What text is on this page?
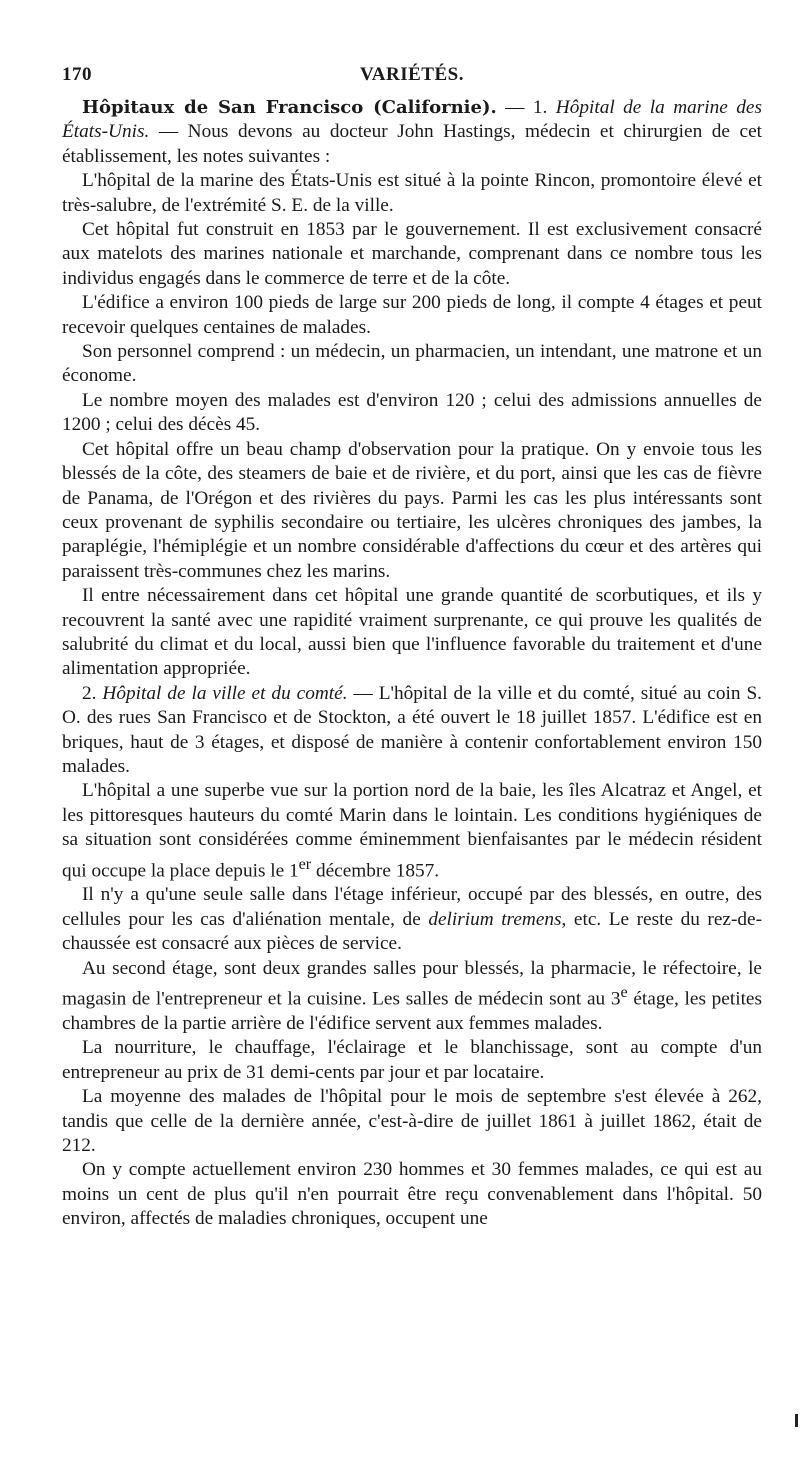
170	VARIÉTÉS.

Hôpitaux de San Francisco (Californie). — 1. Hôpital de la marine des États-Unis. — Nous devons au docteur John Hastings, médecin et chirurgien de cet établissement, les notes suivantes :

L'hôpital de la marine des États-Unis est situé à la pointe Rincon, promontoire élevé et très-salubre, de l'extrémité S. E. de la ville.

Cet hôpital fut construit en 1853 par le gouvernement. Il est exclusivement consacré aux matelots des marines nationale et marchande, comprenant dans ce nombre tous les individus engagés dans le commerce de terre et de la côte.

L'édifice a environ 100 pieds de large sur 200 pieds de long, il compte 4 étages et peut recevoir quelques centaines de malades.

Son personnel comprend : un médecin, un pharmacien, un intendant, une matrone et un économe.

Le nombre moyen des malades est d'environ 120 ; celui des admissions annuelles de 1200 ; celui des décès 45.

Cet hôpital offre un beau champ d'observation pour la pratique. On y envoie tous les blessés de la côte, des steamers de baie et de rivière, et du port, ainsi que les cas de fièvre de Panama, de l'Orégon et des rivières du pays. Parmi les cas les plus intéressants sont ceux provenant de syphilis secondaire ou tertiaire, les ulcères chroniques des jambes, la paraplégie, l'hémiplégie et un nombre considérable d'affections du cœur et des artères qui paraissent très-communes chez les marins.

Il entre nécessairement dans cet hôpital une grande quantité de scorbutiques, et ils y recouvrent la santé avec une rapidité vraiment surprenante, ce qui prouve les qualités de salubrité du climat et du local, aussi bien que l'influence favorable du traitement et d'une alimentation appropriée.

2. Hôpital de la ville et du comté. — L'hôpital de la ville et du comté, situé au coin S. O. des rues San Francisco et de Stockton, a été ouvert le 18 juillet 1857. L'édifice est en briques, haut de 3 étages, et disposé de manière à contenir confortablement environ 150 malades.

L'hôpital a une superbe vue sur la portion nord de la baie, les îles Alcatraz et Angel, et les pittoresques hauteurs du comté Marin dans le lointain. Les conditions hygiéniques de sa situation sont considérées comme éminemment bienfaisantes par le médecin résident qui occupe la place depuis le 1er décembre 1857.

Il n'y a qu'une seule salle dans l'étage inférieur, occupé par des blessés, en outre, des cellules pour les cas d'aliénation mentale, de delirium tremens, etc. Le reste du rez-de-chaussée est consacré aux pièces de service.

Au second étage, sont deux grandes salles pour blessés, la pharmacie, le réfectoire, le magasin de l'entrepreneur et la cuisine. Les salles de médecin sont au 3e étage, les petites chambres de la partie arrière de l'édifice servent aux femmes malades.

La nourriture, le chauffage, l'éclairage et le blanchissage, sont au compte d'un entrepreneur au prix de 31 demi-cents par jour et par locataire.

La moyenne des malades de l'hôpital pour le mois de septembre s'est élevée à 262, tandis que celle de la dernière année, c'est-à-dire de juillet 1861 à juillet 1862, était de 212.

On y compte actuellement environ 230 hommes et 30 femmes malades, ce qui est au moins un cent de plus qu'il n'en pourrait être reçu convenablement dans l'hôpital. 50 environ, affectés de maladies chroniques, occupent une
